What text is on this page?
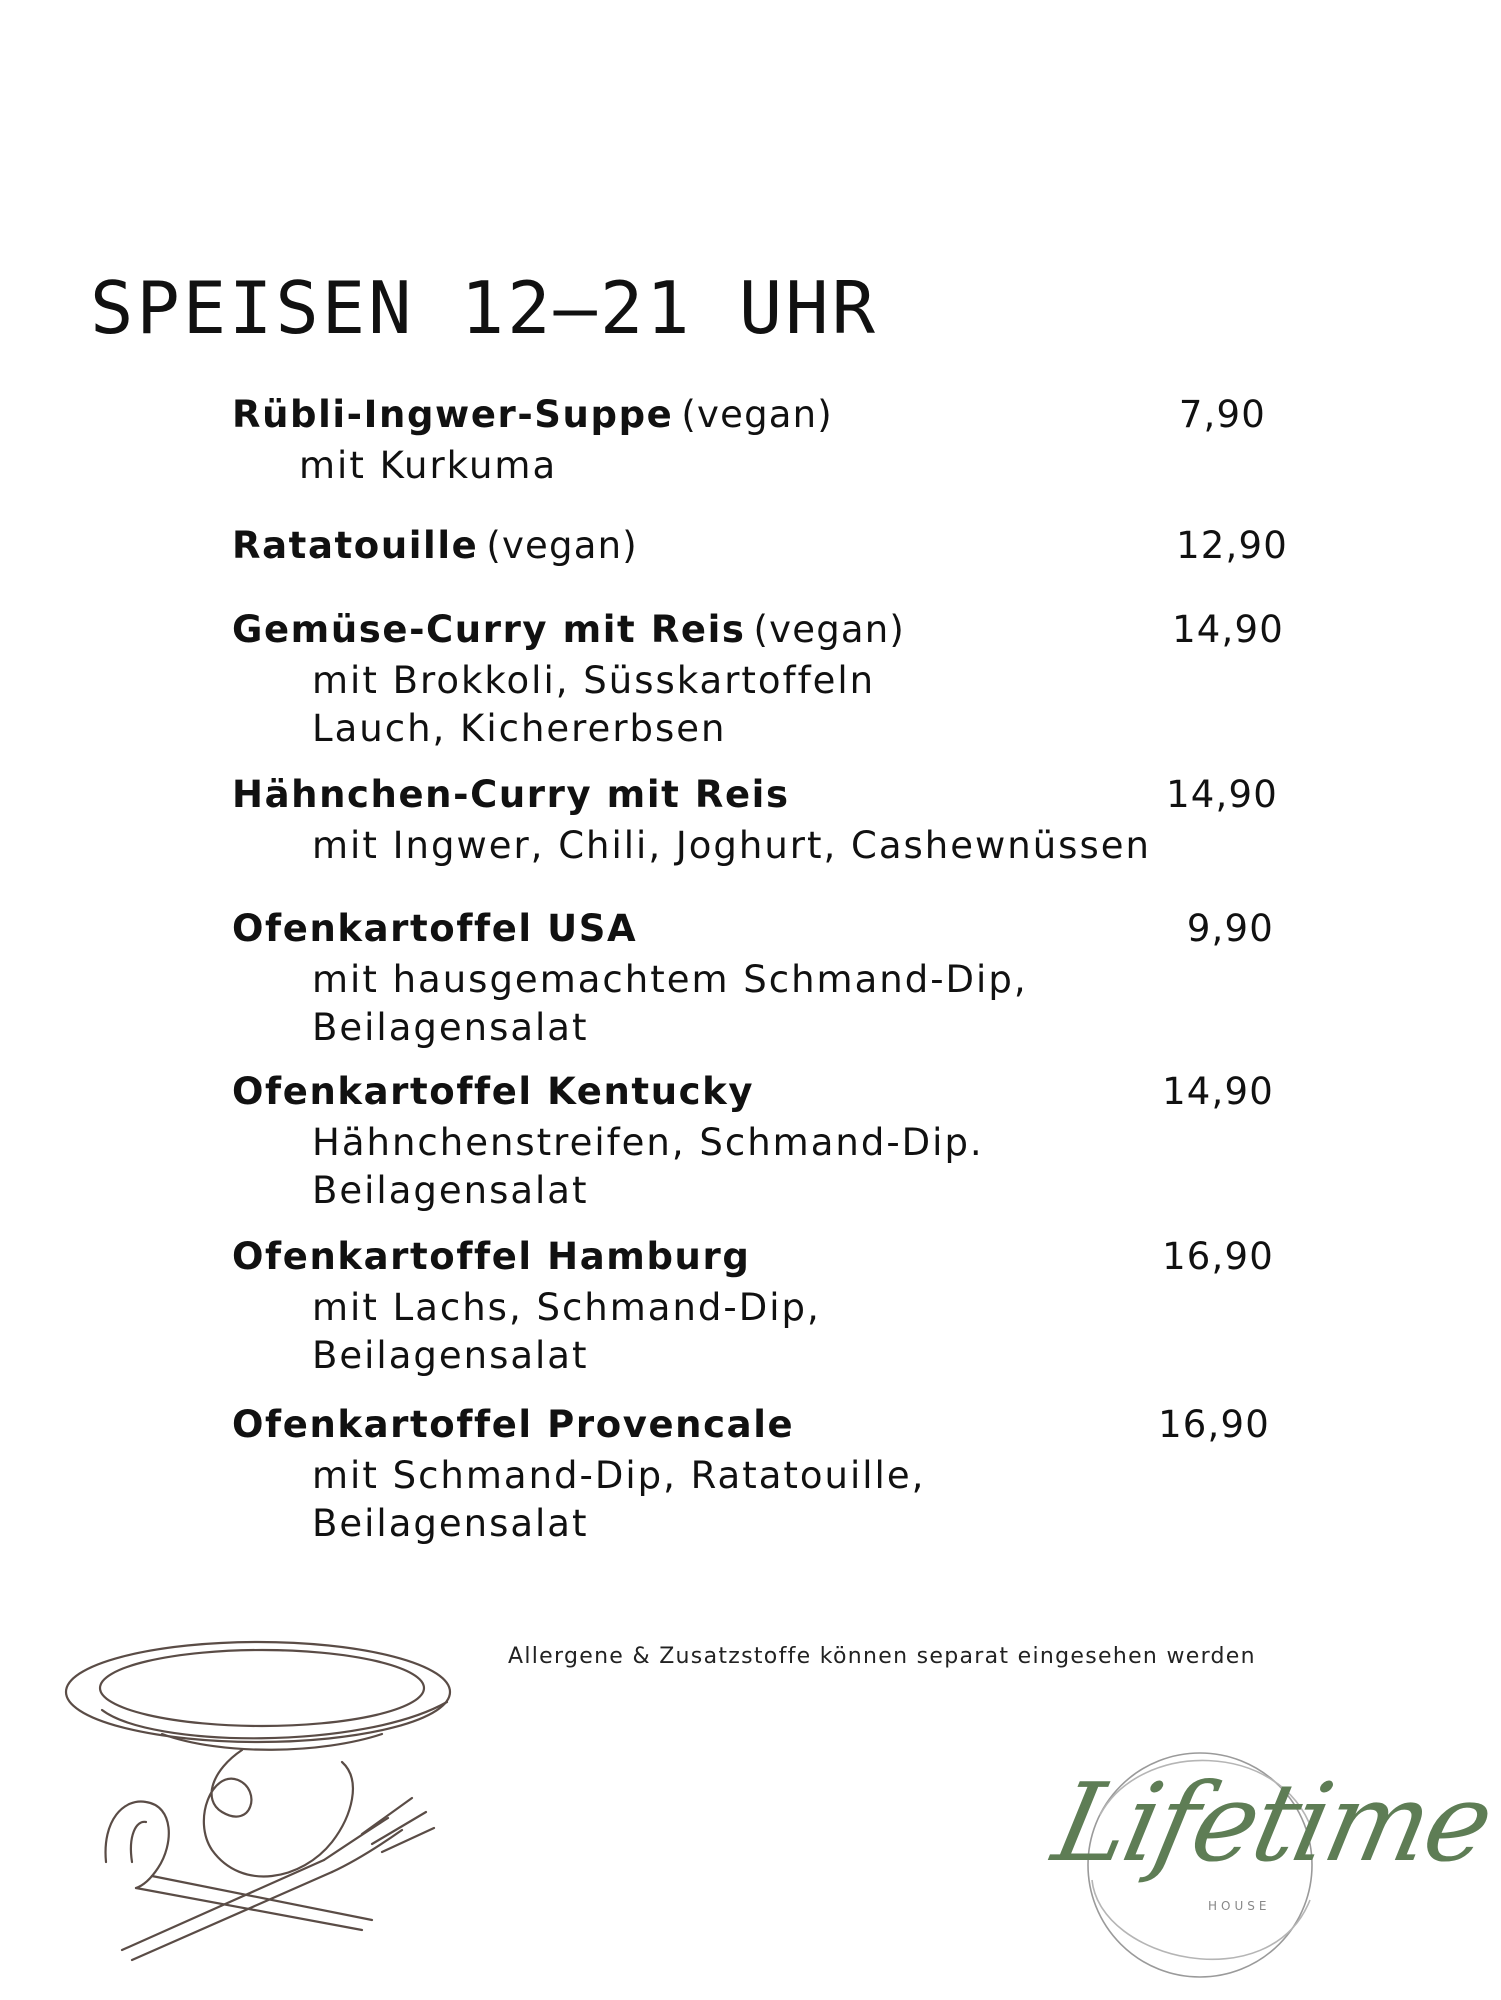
SPEISEN 12–21 UHR
Rübli-Ingwer-Suppe (vegan)	7,90
mit Kurkuma
Ratatouille (vegan)	12,90
Gemüse-Curry mit Reis (vegan)	14,90
mit Brokkoli, Süsskartoffeln
Lauch, Kichererbsen
Hähnchen-Curry mit Reis	14,90
mit Ingwer, Chili, Joghurt, Cashewnüssen
Ofenkartoffel USA	9,90
mit hausgemachtem Schmand-Dip,
Beilagensalat
Ofenkartoffel Kentucky	14,90
Hähnchenstreifen, Schmand-Dip.
Beilagensalat
Ofenkartoffel Hamburg	16,90
mit Lachs, Schmand-Dip,
Beilagensalat
Ofenkartoffel Provencale	16,90
mit Schmand-Dip, Ratatouille,
Beilagensalat
Allergene & Zusatzstoffe können separat eingesehen werden
Lifetime
HOUSE
